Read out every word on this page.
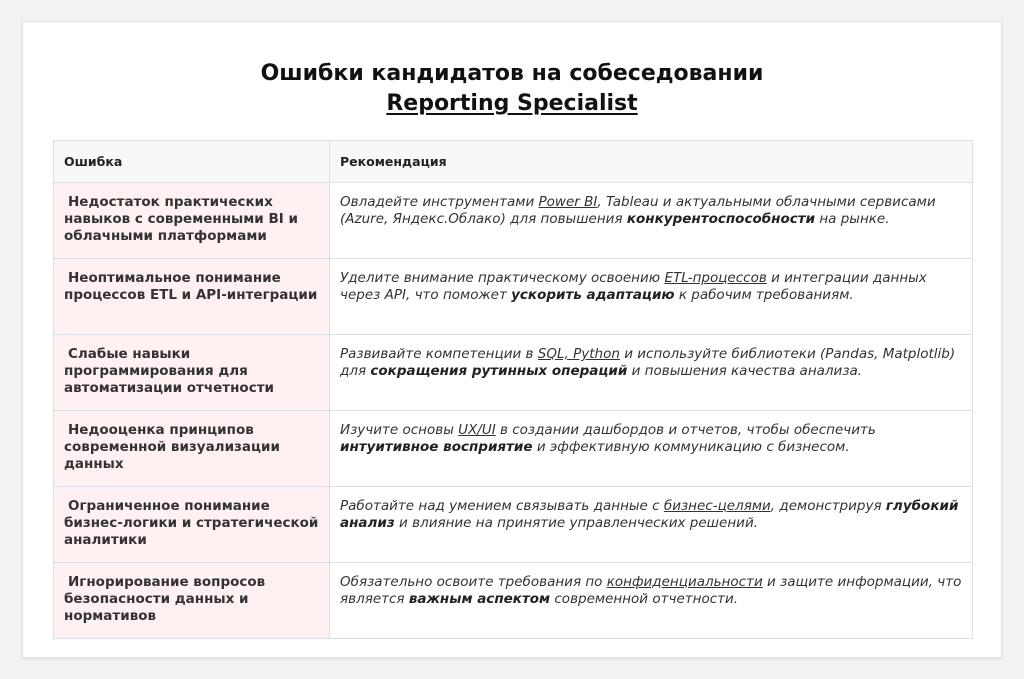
Ошибки кандидатов на собеседовании
Reporting Specialist
Ошибка	Рекомендация
Недостаток практических навыков с современными BI и облачными платформами	Овладейте инструментами Power BI, Tableau и актуальными облачными сервисами (Azure, Яндекс.Облако) для повышения конкурентоспособности на рынке.
Неоптимальное понимание процессов ETL и API-интеграции	Уделите внимание практическому освоению ETL-процессов и интеграции данных через API, что поможет ускорить адаптацию к рабочим требованиям.
Слабые навыки программирования для автоматизации отчетности	Развивайте компетенции в SQL, Python и используйте библиотеки (Pandas, Matplotlib) для сокращения рутинных операций и повышения качества анализа.
Недооценка принципов современной визуализации данных	Изучите основы UX/UI в создании дашбордов и отчетов, чтобы обеспечить интуитивное восприятие и эффективную коммуникацию с бизнесом.
Ограниченное понимание бизнес-логики и стратегической аналитики	Работайте над умением связывать данные с бизнес-целями, демонстрируя глубокий анализ и влияние на принятие управленческих решений.
Игнорирование вопросов безопасности данных и нормативов	Обязательно освоите требования по конфиденциальности и защите информации, что является важным аспектом современной отчетности.
